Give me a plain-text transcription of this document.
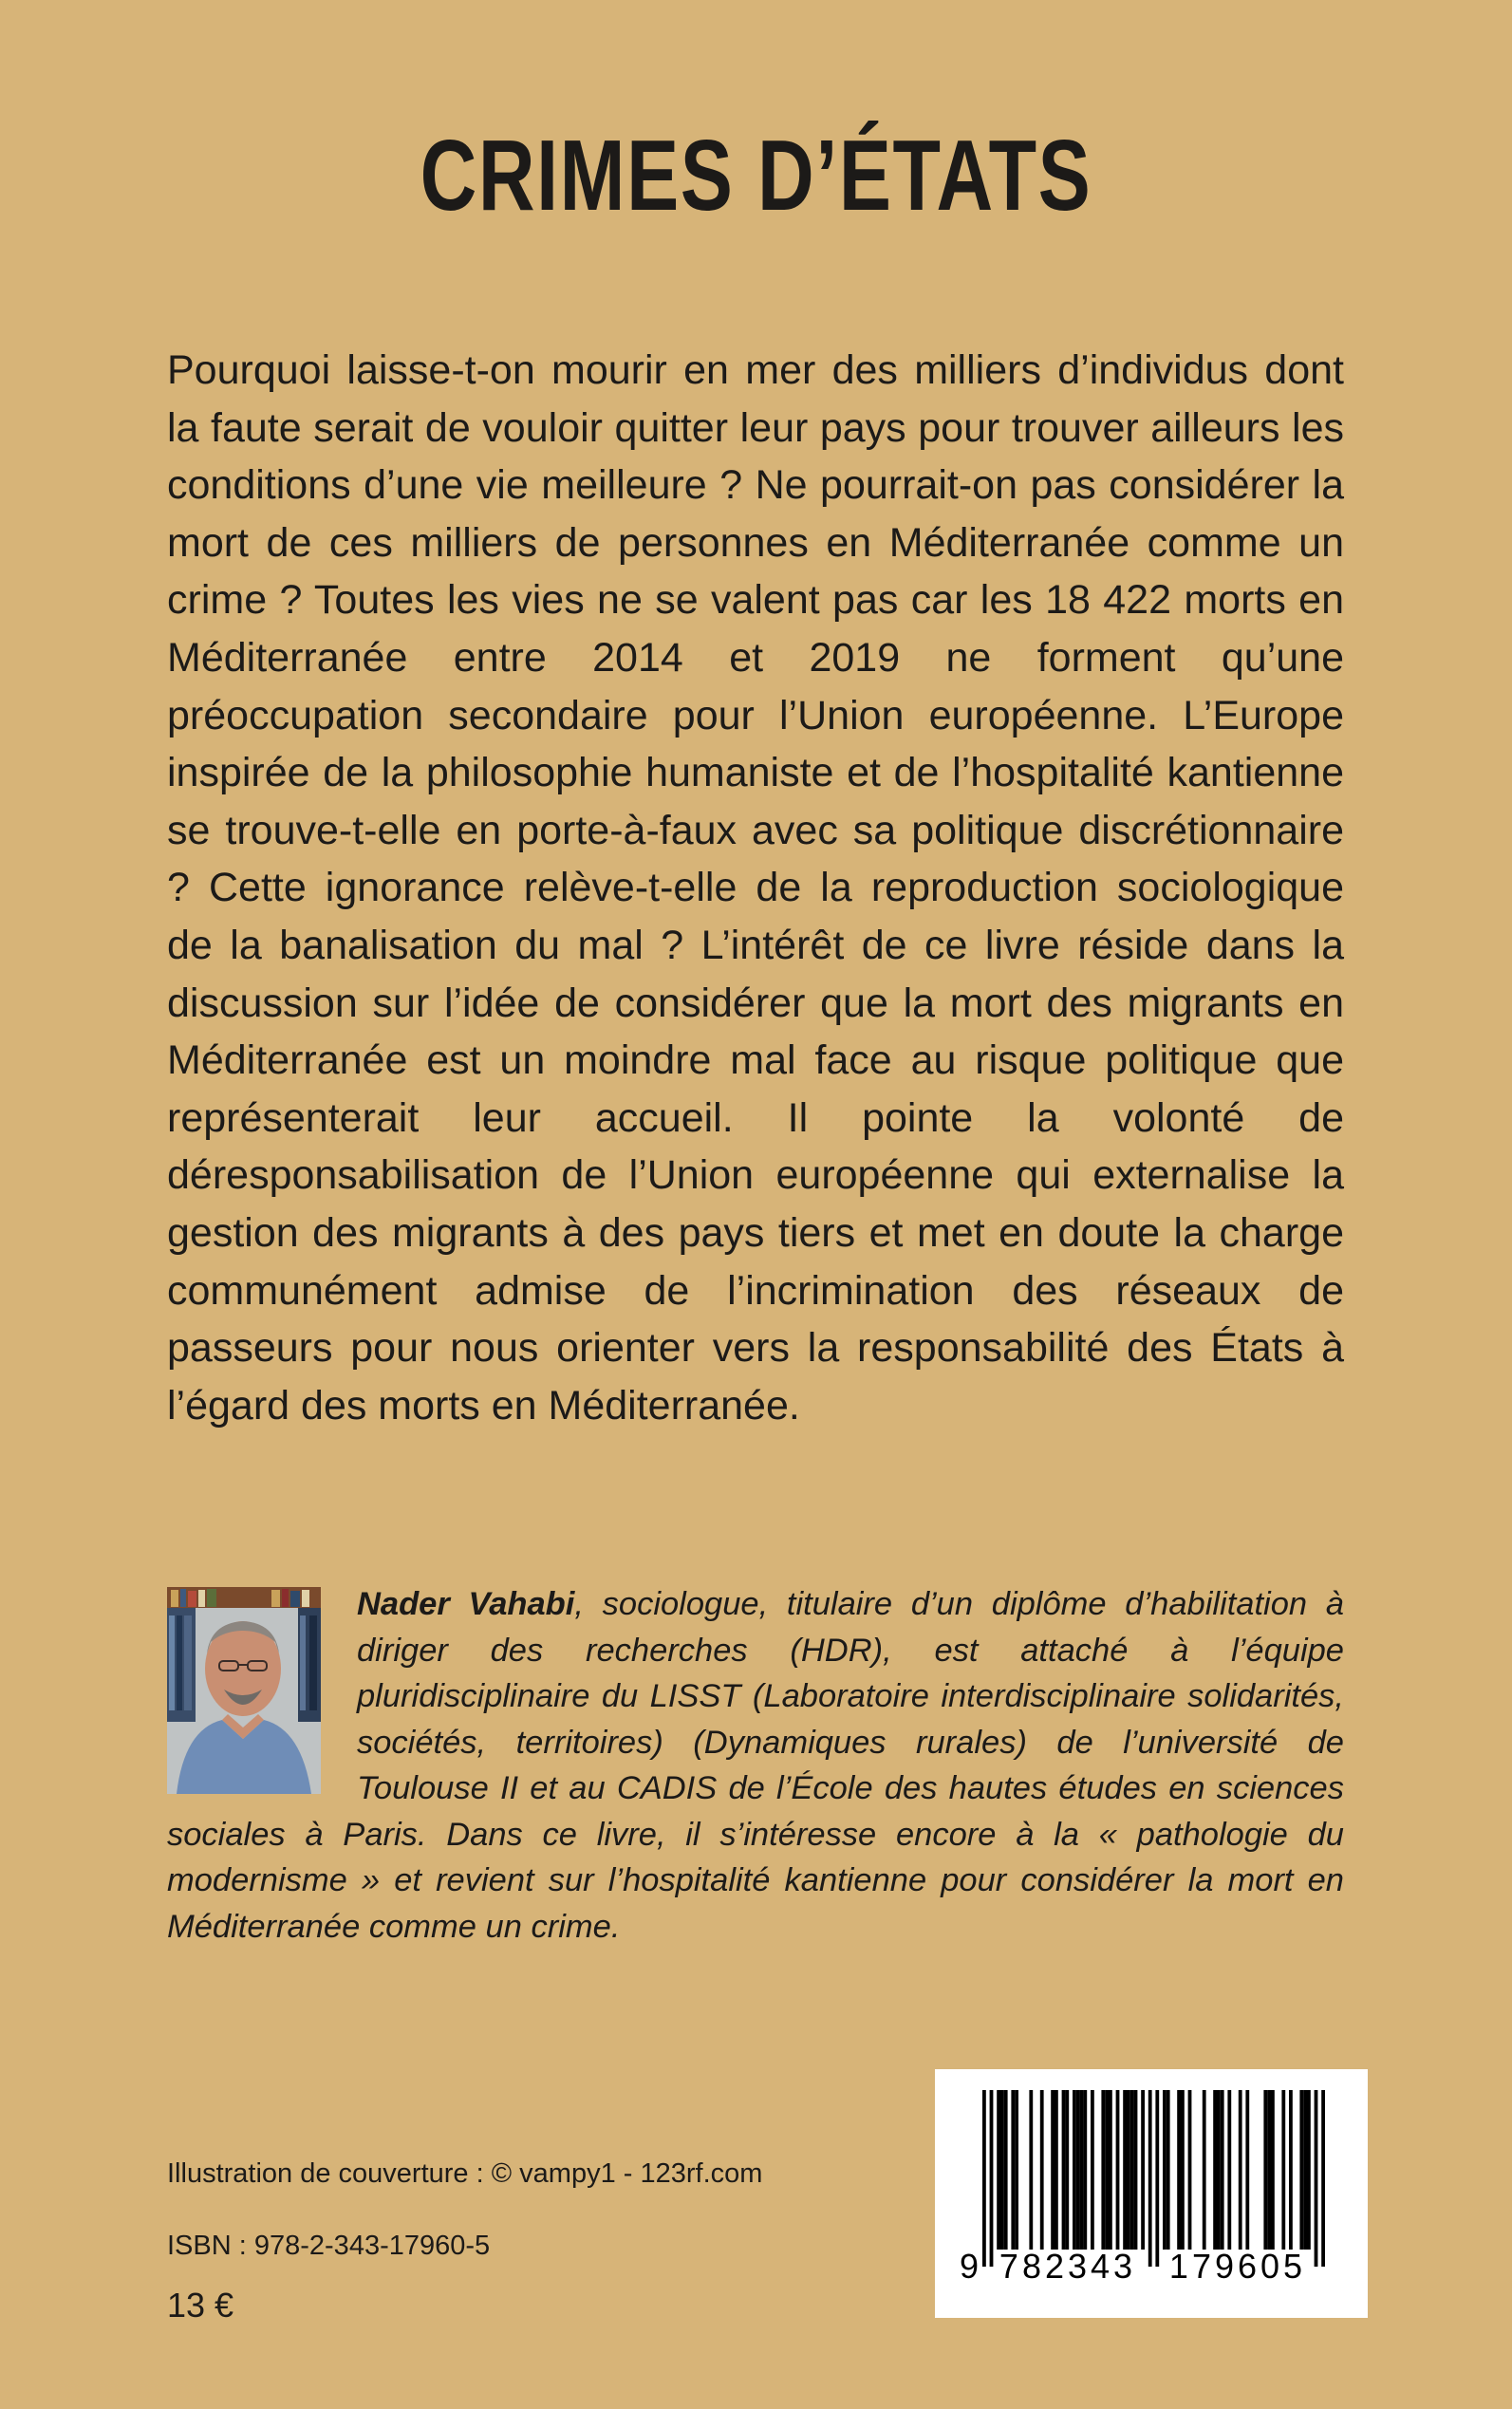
CRIMES D’ÉTATS

Pourquoi laisse-t-on mourir en mer des milliers d’individus dont la faute serait de vouloir quitter leur pays pour trouver ailleurs les conditions d’une vie meilleure ? Ne pourrait-on pas considérer la mort de ces milliers de personnes en Méditerranée comme un crime ? Toutes les vies ne se valent pas car les 18 422 morts en Méditerranée entre 2014 et 2019 ne forment qu’une préoccupation secondaire pour l’Union européenne. L’Europe inspirée de la philosophie humaniste et de l’hospitalité kantienne se trouve-t-elle en porte-à-faux avec sa politique discrétionnaire ? Cette ignorance relève-t-elle de la reproduction sociologique de la banalisation du mal ? L’intérêt de ce livre réside dans la discussion sur l’idée de considérer que la mort des migrants en Méditerranée est un moindre mal face au risque politique que représenterait leur accueil. Il pointe la volonté de déresponsabilisation de l’Union européenne qui externalise la gestion des migrants à des pays tiers et met en doute la charge communément admise de l’incrimination des réseaux de passeurs pour nous orienter vers la responsabilité des États à l’égard des morts en Méditerranée.

Nader Vahabi, sociologue, titulaire d’un diplôme d’habilitation à diriger des recherches (HDR), est attaché à l’équipe pluridisciplinaire du LISST (Laboratoire interdisciplinaire solidarités, sociétés, territoires) (Dynamiques rurales) de l’université de Toulouse II et au CADIS de l’École des hautes études en sciences sociales à Paris. Dans ce livre, il s’intéresse encore à la « pathologie du modernisme » et revient sur l’hospitalité kantienne pour considérer la mort en Méditerranée comme un crime.

Illustration de couverture : © vampy1 - 123rf.com

ISBN : 978-2-343-17960-5

13 €

9 782343 179605
